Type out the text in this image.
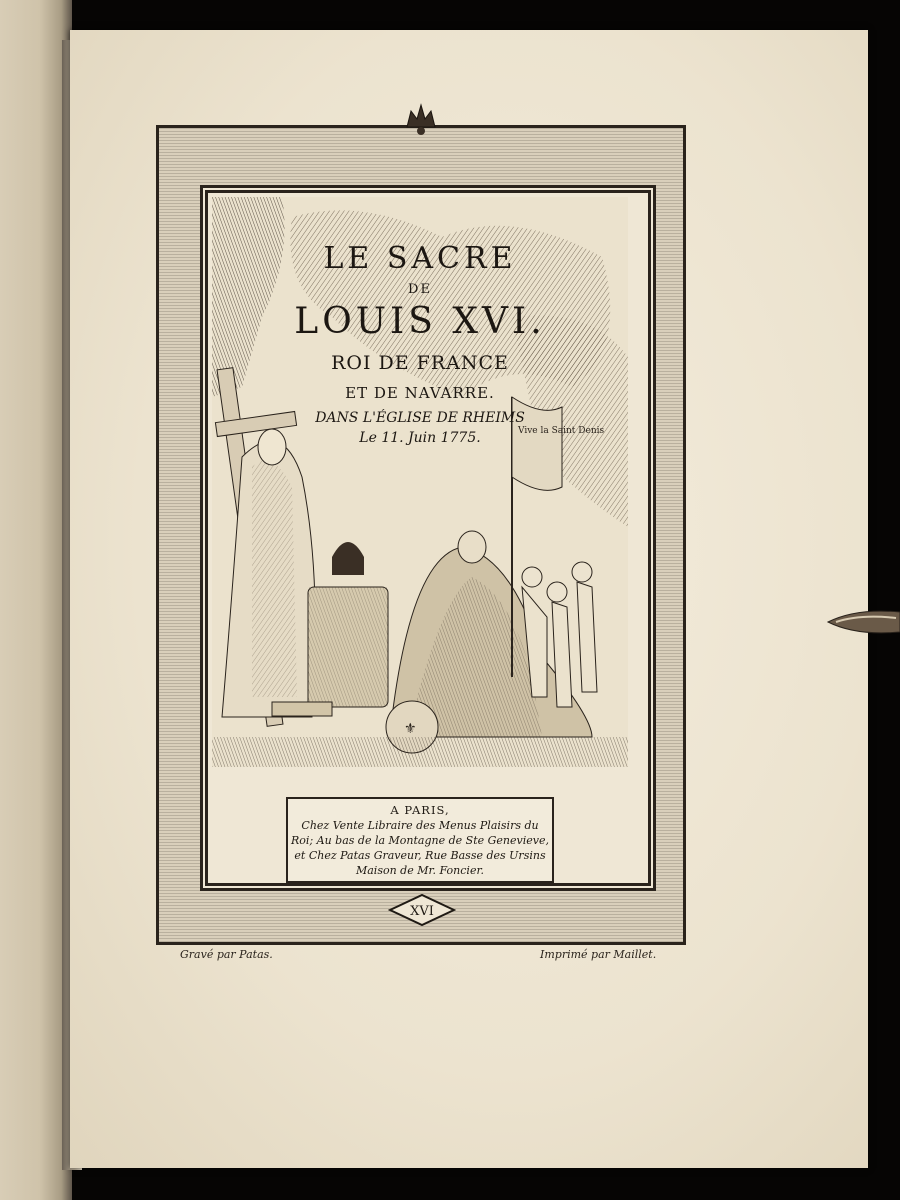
⚜
Vive la Saint Denis
LE SACRE
DE
LOUIS XVI.
ROI DE FRANCE
ET DE NAVARRE.
DANS L'ÉGLISE DE RHEIMS
Le 11. Juin 1775.
A PARIS,
Chez Vente Libraire des Menus Plaisirs du
Roi; Au bas de la Montagne de Ste Genevieve,
et Chez Patas Graveur, Rue Basse des Ursins
Maison de Mr. Foncier.
XVI
Gravé par Patas.	Imprimé par Maillet.
